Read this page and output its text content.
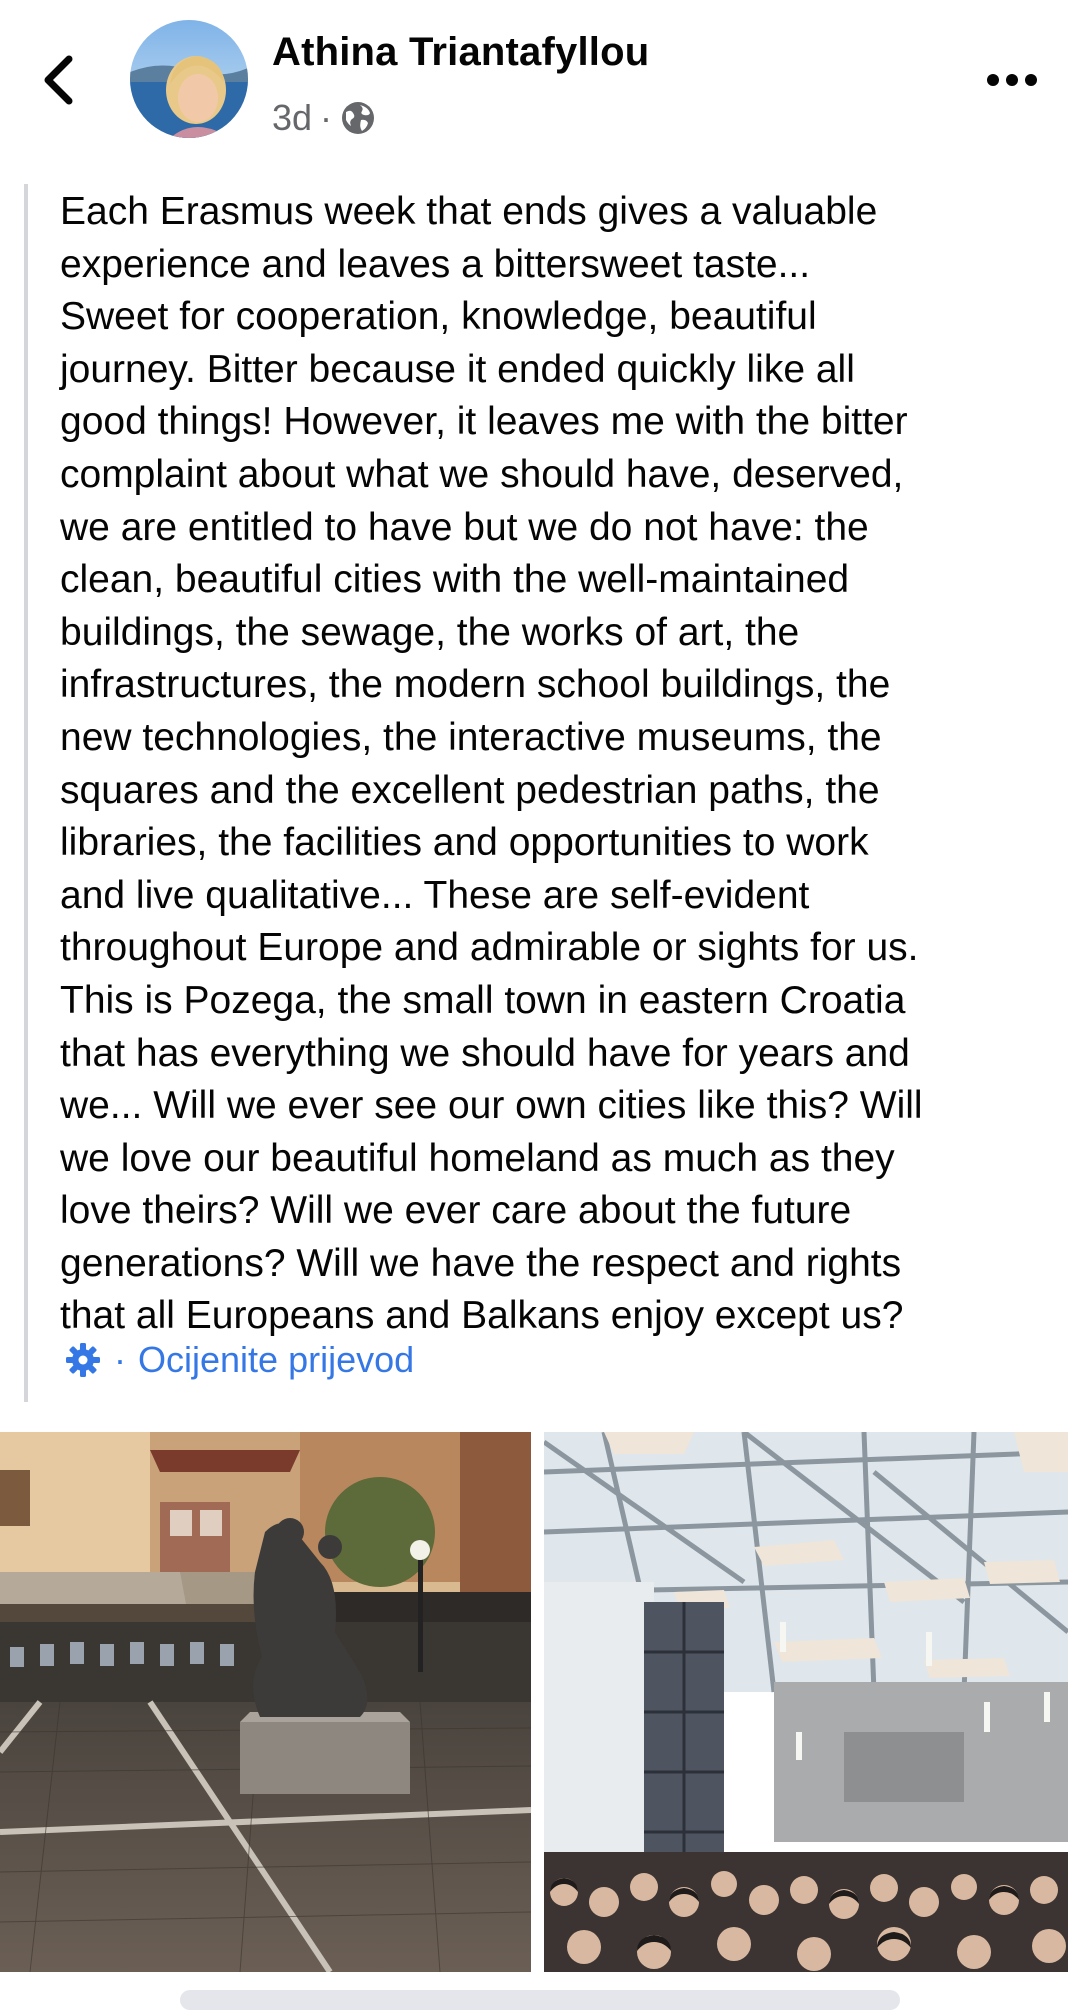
Athina Triantafyllou
3d ·

Each Erasmus week that ends gives a valuable
experience and leaves a bittersweet taste...
Sweet for cooperation, knowledge, beautiful
journey. Bitter because it ended quickly like all
good things! However, it leaves me with the bitter
complaint about what we should have, deserved,
we are entitled to have but we do not have: the
clean, beautiful cities with the well-maintained
buildings, the sewage, the works of art, the
infrastructures, the modern school buildings, the
new technologies, the interactive museums, the
squares and the excellent pedestrian paths, the
libraries, the facilities and opportunities to work
and live qualitative... These are self-evident
throughout Europe and admirable or sights for us.
This is Pozega, the small town in eastern Croatia
that has everything we should have for years and
we... Will we ever see our own cities like this? Will
we love our beautiful homeland as much as they
love theirs? Will we ever care about the future
generations? Will we have the respect and rights
that all Europeans and Balkans enjoy except us?

· Ocijenite prijevod
